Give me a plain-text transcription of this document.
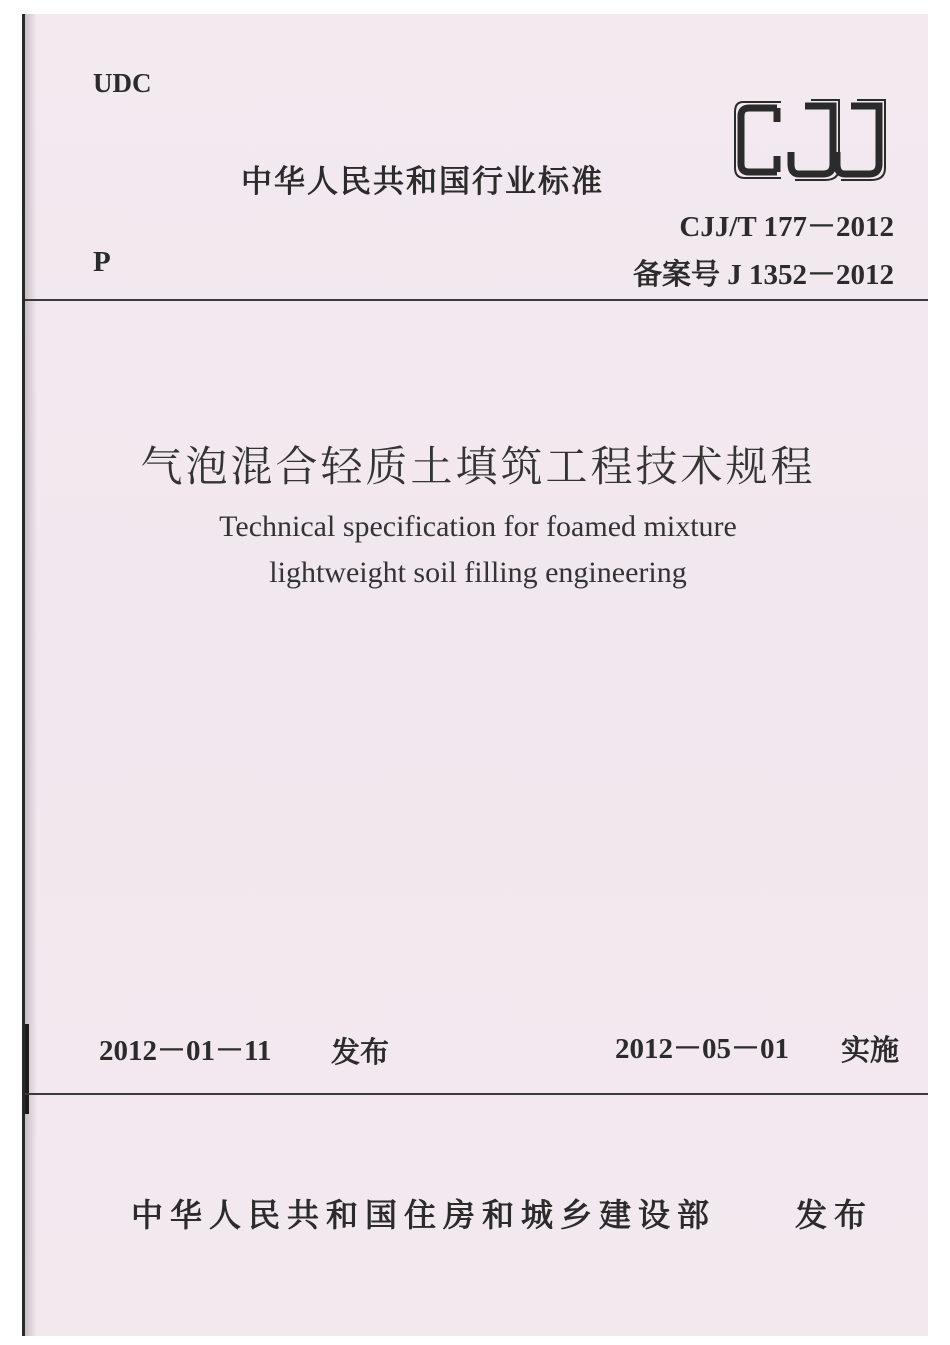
UDC
中华人民共和国行业标准
P
CJJ/T 177－2012
备案号 J 1352－2012
气泡混合轻质土填筑工程技术规程
Technical specification for foamed mixture
lightweight soil filling engineering
2012－01－11 发布	2012－05－01 实施
中华人民共和国住房和城乡建设部 发布
